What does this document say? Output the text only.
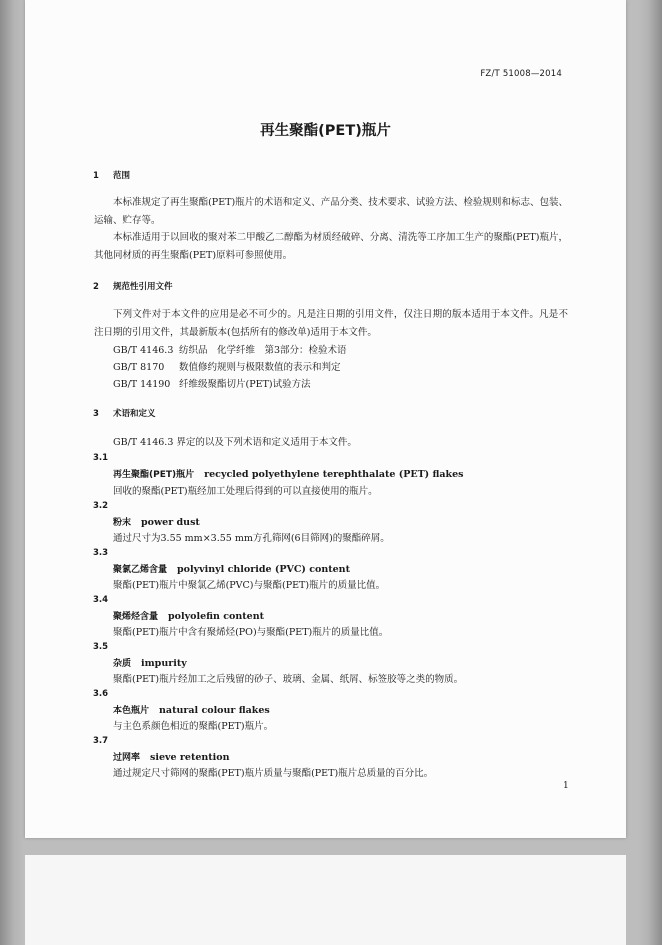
FZ/T 51008—2014
再生聚酯(PET)瓶片
1 范围
本标准规定了再生聚酯(PET)瓶片的术语和定义、产品分类、技术要求、试验方法、检验规则和标志、包装、运输、贮存等。
本标准适用于以回收的聚对苯二甲酸乙二醇酯为材质经破碎、分离、清洗等工序加工生产的聚酯(PET)瓶片，其他同材质的再生聚酯(PET)原料可参照使用。
2 规范性引用文件
下列文件对于本文件的应用是必不可少的。凡是注日期的引用文件，仅注日期的版本适用于本文件。凡是不注日期的引用文件，其最新版本(包括所有的修改单)适用于本文件。
GB/T 4146.3 纺织品　化学纤维　第3部分：检验术语
GB/T 8170 数值修约规则与极限数值的表示和判定
GB/T 14190 纤维级聚酯切片(PET)试验方法
3 术语和定义
GB/T 4146.3 界定的以及下列术语和定义适用于本文件。
3.1
再生聚酯(PET)瓶片 recycled polyethylene terephthalate (PET) flakes
回收的聚酯(PET)瓶经加工处理后得到的可以直接使用的瓶片。
3.2
粉末 power dust
通过尺寸为3.55 mm×3.55 mm方孔筛网(6目筛网)的聚酯碎屑。
3.3
聚氯乙烯含量 polyvinyl chloride (PVC) content
聚酯(PET)瓶片中聚氯乙烯(PVC)与聚酯(PET)瓶片的质量比值。
3.4
聚烯烃含量 polyolefin content
聚酯(PET)瓶片中含有聚烯烃(PO)与聚酯(PET)瓶片的质量比值。
3.5
杂质 impurity
聚酯(PET)瓶片经加工之后残留的砂子、玻璃、金属、纸屑、标签胶等之类的物质。
3.6
本色瓶片 natural colour flakes
与主色系颜色相近的聚酯(PET)瓶片。
3.7
过网率 sieve retention
通过规定尺寸筛网的聚酯(PET)瓶片质量与聚酯(PET)瓶片总质量的百分比。
1
